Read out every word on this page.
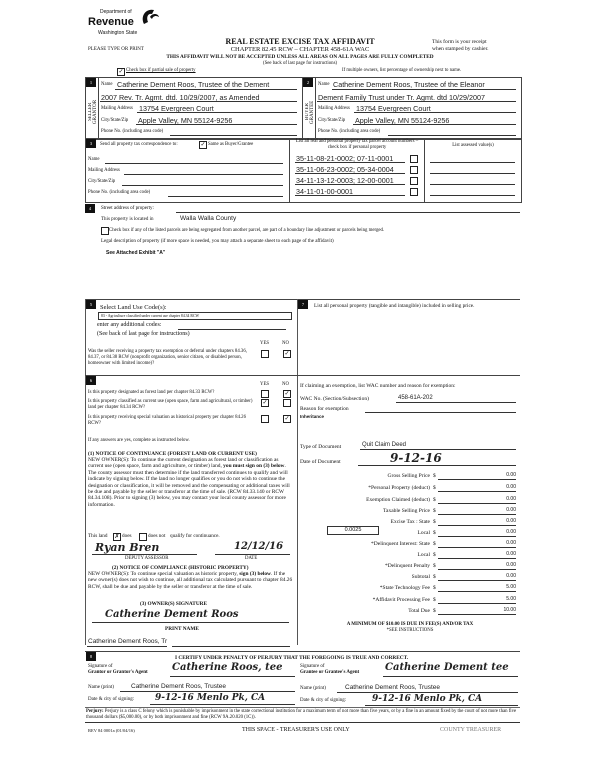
Department of
Revenue
Washington State
PLEASE TYPE OR PRINT
REAL ESTATE EXCISE TAX AFFIDAVIT
CHAPTER 82.45 RCW – CHAPTER 458-61A WAC
This form is your receipt
when stamped by cashier.
THIS AFFIDAVIT WILL NOT BE ACCEPTED UNLESS ALL AREAS ON ALL PAGES ARE FULLY COMPLETED
(See back of last page for instructions)
✓ Check box if partial sale of property	If multiple owners, list percentage of ownership next to name.
1
SELLER GRANTOR
2
BUYER GRANTEE
Name Catherine Dement Roos, Trustee of the Dement
2007 Rev. Tr. Agmt. dtd. 10/29/2007, as Amended
Mailing Address 13754 Evergreen Court
City/State/Zip Apple Valley, MN 55124-9256
Phone No. (including area code)
Name Catherine Dement Roos, Trustee of the Eleanor
Dement Family Trust under Tr. Agmt. dtd 10/29/2007
Mailing Address 13754 Evergreen Court
City/State/Zip Apple Valley, MN 55124-9256
Phone No. (including area code)
3	Send all property tax correspondence to:	✓ Same as Buyer/Grantee
Name
Mailing Address
City/State/Zip
Phone No. (including area code)
List all real and personal property tax parcel account numbers – check box if personal property	List assessed value(s)
35-11-08-21-0002; 07-11-0001
35-11-06-23-0002; 05-34-0004
34-11-13-12-0003; 12-00-0001
34-11-01-00-0001
4	Street address of property:
This property is located in	Walla Walla County
Check box if any of the listed parcels are being segregated from another parcel, are part of a boundary line adjustment or parcels being merged.
Legal description of property (if more space is needed, you may attach a separate sheet to each page of the affidavit)
See Attached Exhibit "A"
5	Select Land Use Code(s):
83 - Agriculture classified under current use chapter 84.34 RCW
enter any additional codes:
(See back of last page for instructions)
YES	NO
Was the seller receiving a property tax exemption or deferral under chapters 84.36, 84.37, or 84.38 RCW (nonprofit organization, senior citizen, or disabled person, homeowner with limited income)?
✓
6
YES	NO
Is this property designated as forest land per chapter 84.33 RCW?	✓
Is this property classified as current use (open space, farm and agricultural, or timber) land per chapter 84.34 RCW?
✓
Is this property receiving special valuation as historical property per chapter 84.26 RCW?
✓
If any answers are yes, complete as instructed below.
(1) NOTICE OF CONTINUANCE (FOREST LAND OR CURRENT USE)
NEW OWNER(S): To continue the current designation as forest land or classification as current use (open space, farm and agriculture, or timber) land, you must sign on (3) below. The county assessor must then determine if the land transferred continues to qualify and will indicate by signing below. If the land no longer qualifies or you do not wish to continue the designation or classification, it will be removed and the compensating or additional taxes will be due and payable by the seller or transferor at the time of sale. (RCW 84.33.140 or RCW 84.34.108). Prior to signing (3) below, you may contact your local county assessor for more information.
This land ✗ does	does not qualify for continuance.
Ryan Bren	12/12/16
DEPUTY ASSESSOR	DATE
(2) NOTICE OF COMPLIANCE (HISTORIC PROPERTY)
NEW OWNER(S): To continue special valuation as historic property, sign (3) below. If the new owner(s) does not wish to continue, all additional tax calculated pursuant to chapter 84.26 RCW, shall be due and payable by the seller or transferor at the time of sale.
(3) OWNER(S) SIGNATURE
Catherine Dement Roos
PRINT NAME
Catherine Dement Roos, Tr
7	List all personal property (tangible and intangible) included in selling price.
If claiming an exemption, list WAC number and reason for exemption:
WAC No. (Section/Subsection)	458-61A-202
Reason for exemption
Inheritance
Type of Document	Quit Claim Deed
Date of Document	9-12-16
Gross Selling Price $	0.00
*Personal Property (deduct) $	0.00
Exemption Claimed (deduct) $	0.00
Taxable Selling Price $	0.00
Excise Tax : State $	0.00
Local $	0.00
*Delinquent Interest: State $	0.00
Local $	0.00
*Delinquent Penalty $	0.00
Subtotal $	0.00
*State Technology Fee $	5.00
*Affidavit Processing Fee $	5.00
Total Due $	10.00
0.0025
A MINIMUM OF $10.00 IS DUE IN FEE(S) AND/OR TAX
*SEE INSTRUCTIONS
8	I CERTIFY UNDER PENALTY OF PERJURY THAT THE FOREGOING IS TRUE AND CORRECT.
Signature of
Grantor or Grantor's Agent Catherine Roos, tee	Signature of
Grantee or Grantee's Agent	Catherine Dement tee
Name (print)	Catherine Dement Roos, Trustee	Name (print)	Catherine Dement Roos, Trustee
Date & city of signing: 9-12-16 Menlo Pk, CA	Date & city of signing:	9-12-16 Menlo Pk, CA
Perjury: Perjury is a class C felony which is punishable by imprisonment in the state correctional institution for a maximum term of not more than five years, or by a fine in an amount fixed by the court of not more than five thousand dollars ($5,000.00), or by both imprisonment and fine (RCW 9A.20.020 (1C)).
REV 84 0001a (01/04/16)	THIS SPACE - TREASURER'S USE ONLY	COUNTY TREASURER
